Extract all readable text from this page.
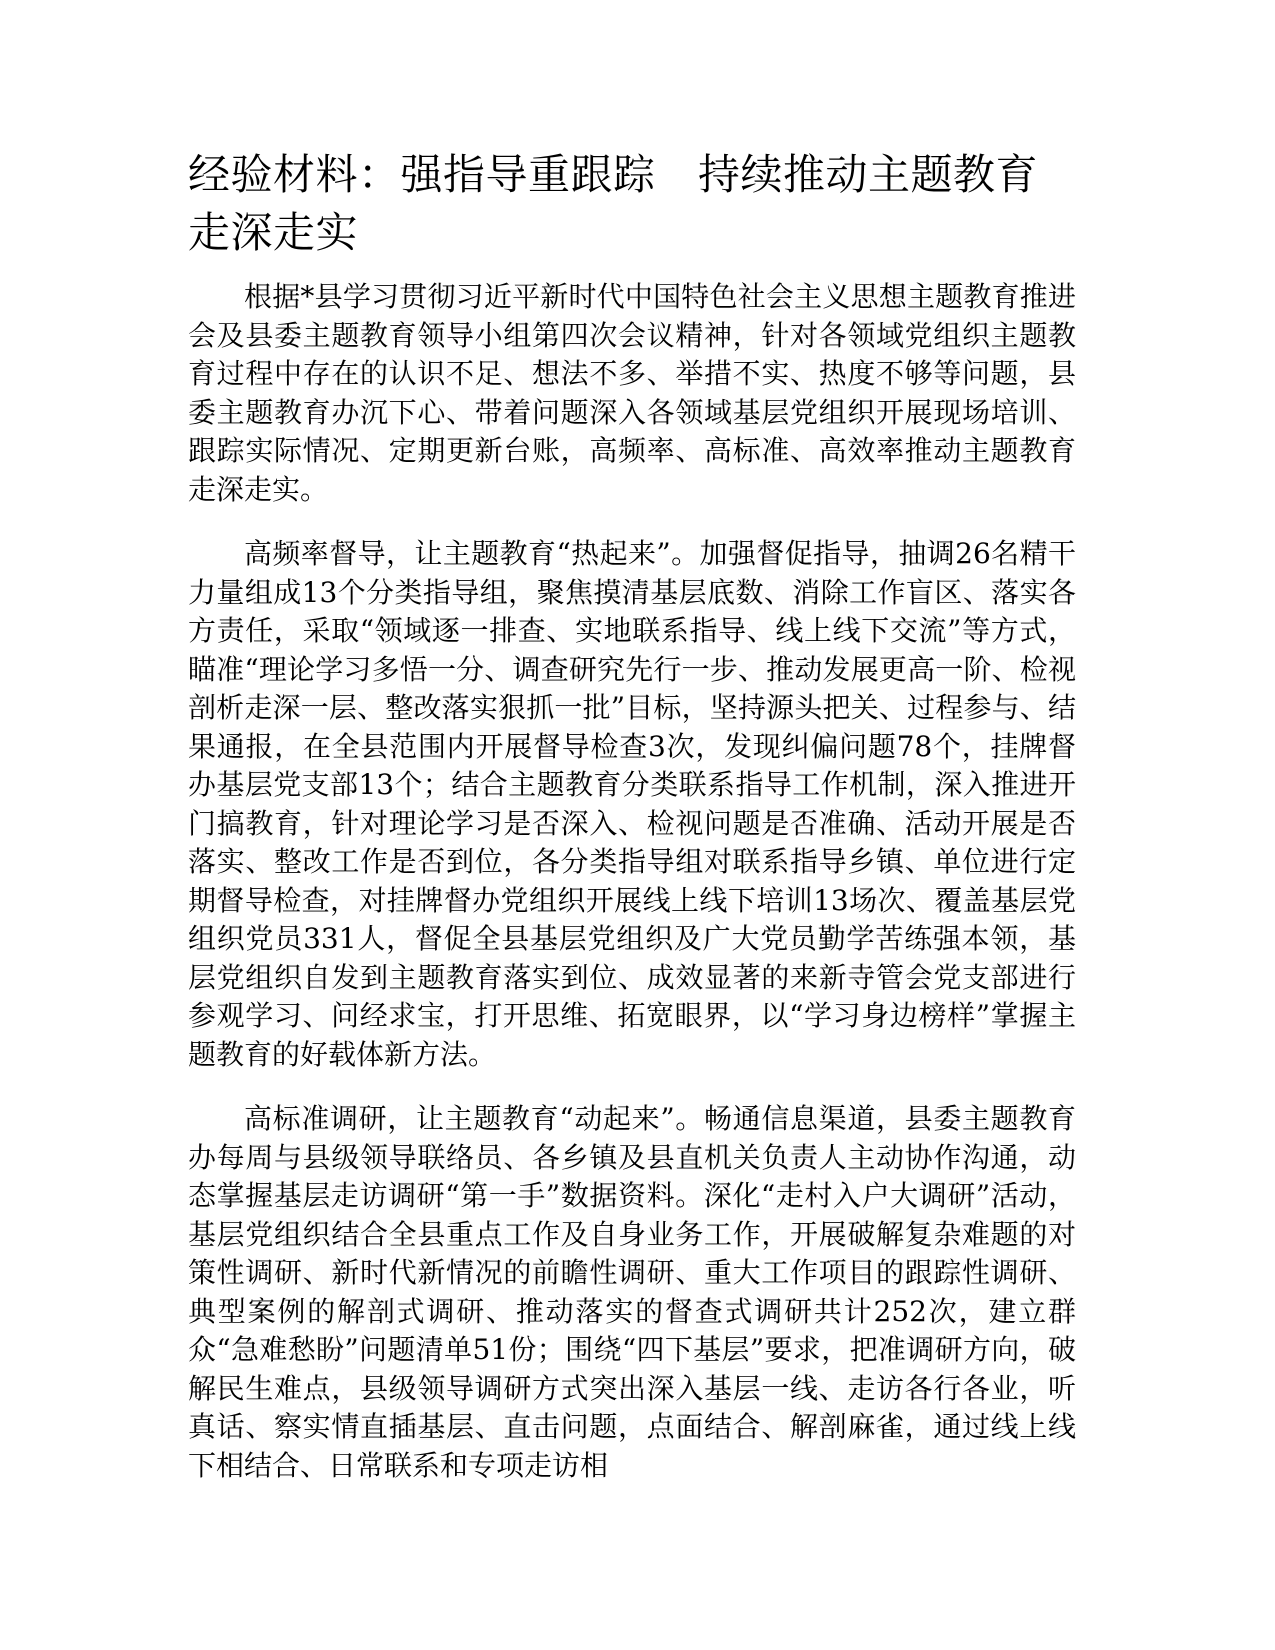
经验材料：强指导重跟踪　持续推动主题教育走深走实

根据*县学习贯彻习近平新时代中国特色社会主义思想主题教育推进会及县委主题教育领导小组第四次会议精神，针对各领域党组织主题教育过程中存在的认识不足、想法不多、举措不实、热度不够等问题，县委主题教育办沉下心、带着问题深入各领域基层党组织开展现场培训、跟踪实际情况、定期更新台账，高频率、高标准、高效率推动主题教育走深走实。

高频率督导，让主题教育“热起来”。加强督促指导，抽调26名精干力量组成13个分类指导组，聚焦摸清基层底数、消除工作盲区、落实各方责任，采取“领域逐一排查、实地联系指导、线上线下交流”等方式，瞄准“理论学习多悟一分、调查研究先行一步、推动发展更高一阶、检视剖析走深一层、整改落实狠抓一批”目标，坚持源头把关、过程参与、结果通报，在全县范围内开展督导检查3次，发现纠偏问题78个，挂牌督办基层党支部13个；结合主题教育分类联系指导工作机制，深入推进开门搞教育，针对理论学习是否深入、检视问题是否准确、活动开展是否落实、整改工作是否到位，各分类指导组对联系指导乡镇、单位进行定期督导检查，对挂牌督办党组织开展线上线下培训13场次、覆盖基层党组织党员331人，督促全县基层党组织及广大党员勤学苦练强本领，基层党组织自发到主题教育落实到位、成效显著的来新寺管会党支部进行参观学习、问经求宝，打开思维、拓宽眼界，以“学习身边榜样”掌握主题教育的好载体新方法。

高标准调研，让主题教育“动起来”。畅通信息渠道，县委主题教育办每周与县级领导联络员、各乡镇及县直机关负责人主动协作沟通，动态掌握基层走访调研“第一手”数据资料。深化“走村入户大调研”活动，基层党组织结合全县重点工作及自身业务工作，开展破解复杂难题的对策性调研、新时代新情况的前瞻性调研、重大工作项目的跟踪性调研、典型案例的解剖式调研、推动落实的督查式调研共计252次，建立群众“急难愁盼”问题清单51份；围绕“四下基层”要求，把准调研方向，破解民生难点，县级领导调研方式突出深入基层一线、走访各行各业，听真话、察实情直插基层、直击问题，点面结合、解剖麻雀，通过线上线下相结合、日常联系和专项走访相
